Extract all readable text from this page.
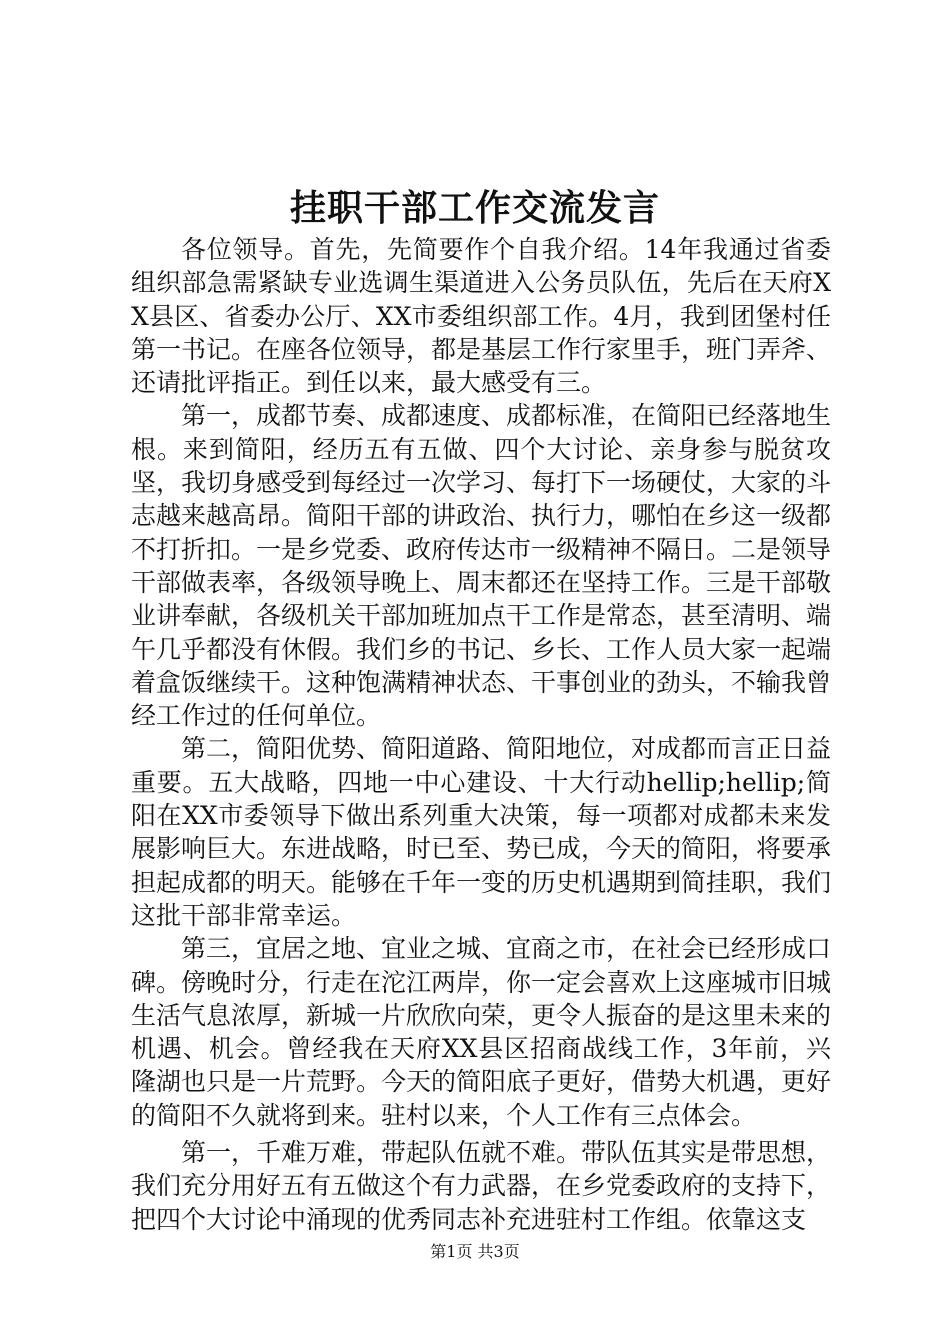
挂职干部工作交流发言

各位领导。首先，先简要作个自我介绍。14年我通过省委组织部急需紧缺专业选调生渠道进入公务员队伍，先后在天府XX县区、省委办公厅、XX市委组织部工作。4月，我到团堡村任第一书记。在座各位领导，都是基层工作行家里手，班门弄斧、还请批评指正。到任以来，最大感受有三。

第一，成都节奏、成都速度、成都标准，在简阳已经落地生根。来到简阳，经历五有五做、四个大讨论、亲身参与脱贫攻坚，我切身感受到每经过一次学习、每打下一场硬仗，大家的斗志越来越高昂。简阳干部的讲政治、执行力，哪怕在乡这一级都不打折扣。一是乡党委、政府传达市一级精神不隔日。二是领导干部做表率，各级领导晚上、周末都还在坚持工作。三是干部敬业讲奉献，各级机关干部加班加点干工作是常态，甚至清明、端午几乎都没有休假。我们乡的书记、乡长、工作人员大家一起端着盒饭继续干。这种饱满精神状态、干事创业的劲头，不输我曾经工作过的任何单位。

第二，简阳优势、简阳道路、简阳地位，对成都而言正日益重要。五大战略，四地一中心建设、十大行动hellip;hellip;简阳在XX市委领导下做出系列重大决策，每一项都对成都未来发展影响巨大。东进战略，时已至、势已成，今天的简阳，将要承担起成都的明天。能够在千年一变的历史机遇期到简挂职，我们这批干部非常幸运。

第三，宜居之地、宜业之城、宜商之市，在社会已经形成口碑。傍晚时分，行走在沱江两岸，你一定会喜欢上这座城市旧城生活气息浓厚，新城一片欣欣向荣，更令人振奋的是这里未来的机遇、机会。曾经我在天府XX县区招商战线工作，3年前，兴隆湖也只是一片荒野。今天的简阳底子更好，借势大机遇，更好的简阳不久就将到来。驻村以来，个人工作有三点体会。

第一，千难万难，带起队伍就不难。带队伍其实是带思想，我们充分用好五有五做这个有力武器，在乡党委政府的支持下，把四个大讨论中涌现的优秀同志补充进驻村工作组。依靠这支

第1页 共3页
